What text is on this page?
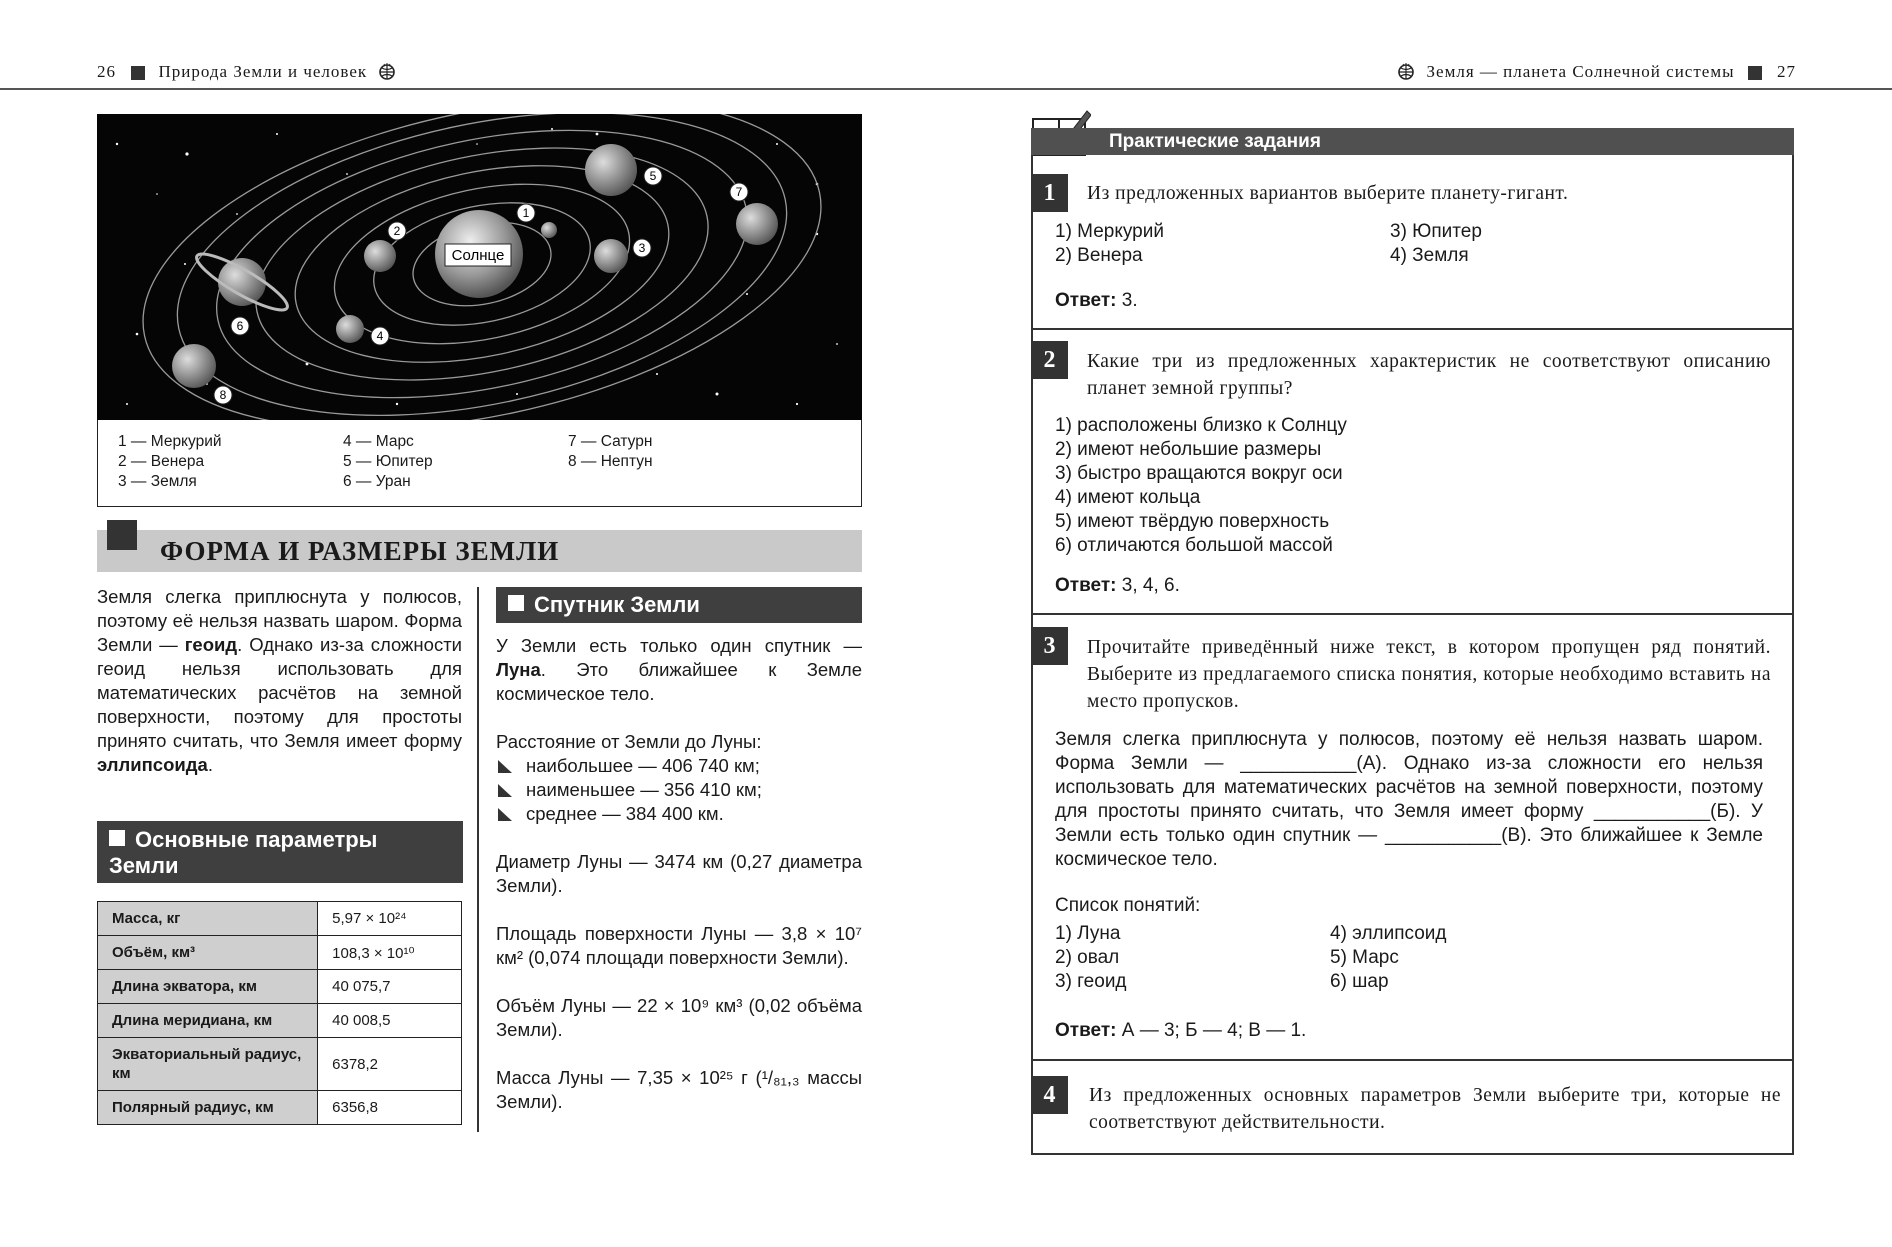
26	Природа Земли и человек	Земля — планета Солнечной системы	27
1
2
3
4
5
6
7
8
Солнце
1 — Меркурий
2 — Венера
3 — Земля
4 — Марс
5 — Юпитер
6 — Уран
7 — Сатурн
8 — Нептун
ФОРМА И РАЗМЕРЫ ЗЕМЛИ
Земля слегка приплюснута у полюсов, поэтому её нельзя назвать шаром. Форма Земли — геоид. Однако из-за сложности геоид нельзя использовать для математических расчётов на земной поверхности, поэтому для простоты принято считать, что Земля имеет форму эллипсоида.
Основные параметры Земли
Масса, кг	5,97 × 10²⁴
Объём, км³	108,3 × 10¹⁰
Длина экватора, км	40 075,7
Длина меридиана, км	40 008,5
Экваториальный радиус, км	6378,2
Полярный радиус, км	6356,8
Спутник Земли
У Земли есть только один спутник — Луна. Это ближайшее к Земле космическое тело.
Расстояние от Земли до Луны:
наибольшее — 406 740 км;
наименьшее — 356 410 км;
среднее — 384 400 км.
Диаметр Луны — 3474 км (0,27 диаметра Земли).
Площадь поверхности Луны — 3,8 × 10⁷ км² (0,074 площади поверхности Земли).
Объём Луны — 22 × 10⁹ км³ (0,02 объёма Земли).
Масса Луны — 7,35 × 10²⁵ г (¹/₈₁,₃ массы Земли).
Практические задания
1	Из предложенных вариантов выберите планету-гигант.
1) Меркурий
2) Венера
3) Юпитер
4) Земля
Ответ: 3.
2	Какие три из предложенных характеристик не соответствуют описанию планет земной группы?
1) расположены близко к Солнцу
2) имеют небольшие размеры
3) быстро вращаются вокруг оси
4) имеют кольца
5) имеют твёрдую поверхность
6) отличаются большой массой
Ответ: 3, 4, 6.
3	Прочитайте приведённый ниже текст, в котором пропущен ряд понятий. Выберите из предлагаемого списка понятия, которые необходимо вставить на место пропусков.
Земля слегка приплюснута у полюсов, поэтому её нельзя назвать шаром. Форма Земли — ___________(А). Однако из-за сложности его нельзя использовать для математических расчётов на земной поверхности, поэтому для простоты принято считать, что Земля имеет форму ___________(Б). У Земли есть только один спутник — ___________(В). Это ближайшее к Земле космическое тело.
Список понятий:
1) Луна
2) овал
3) геоид
4) эллипсоид
5) Марс
6) шар
Ответ: А — 3; Б — 4; В — 1.
4	Из предложенных основных параметров Земли выберите три, которые не соответствуют действительности.
